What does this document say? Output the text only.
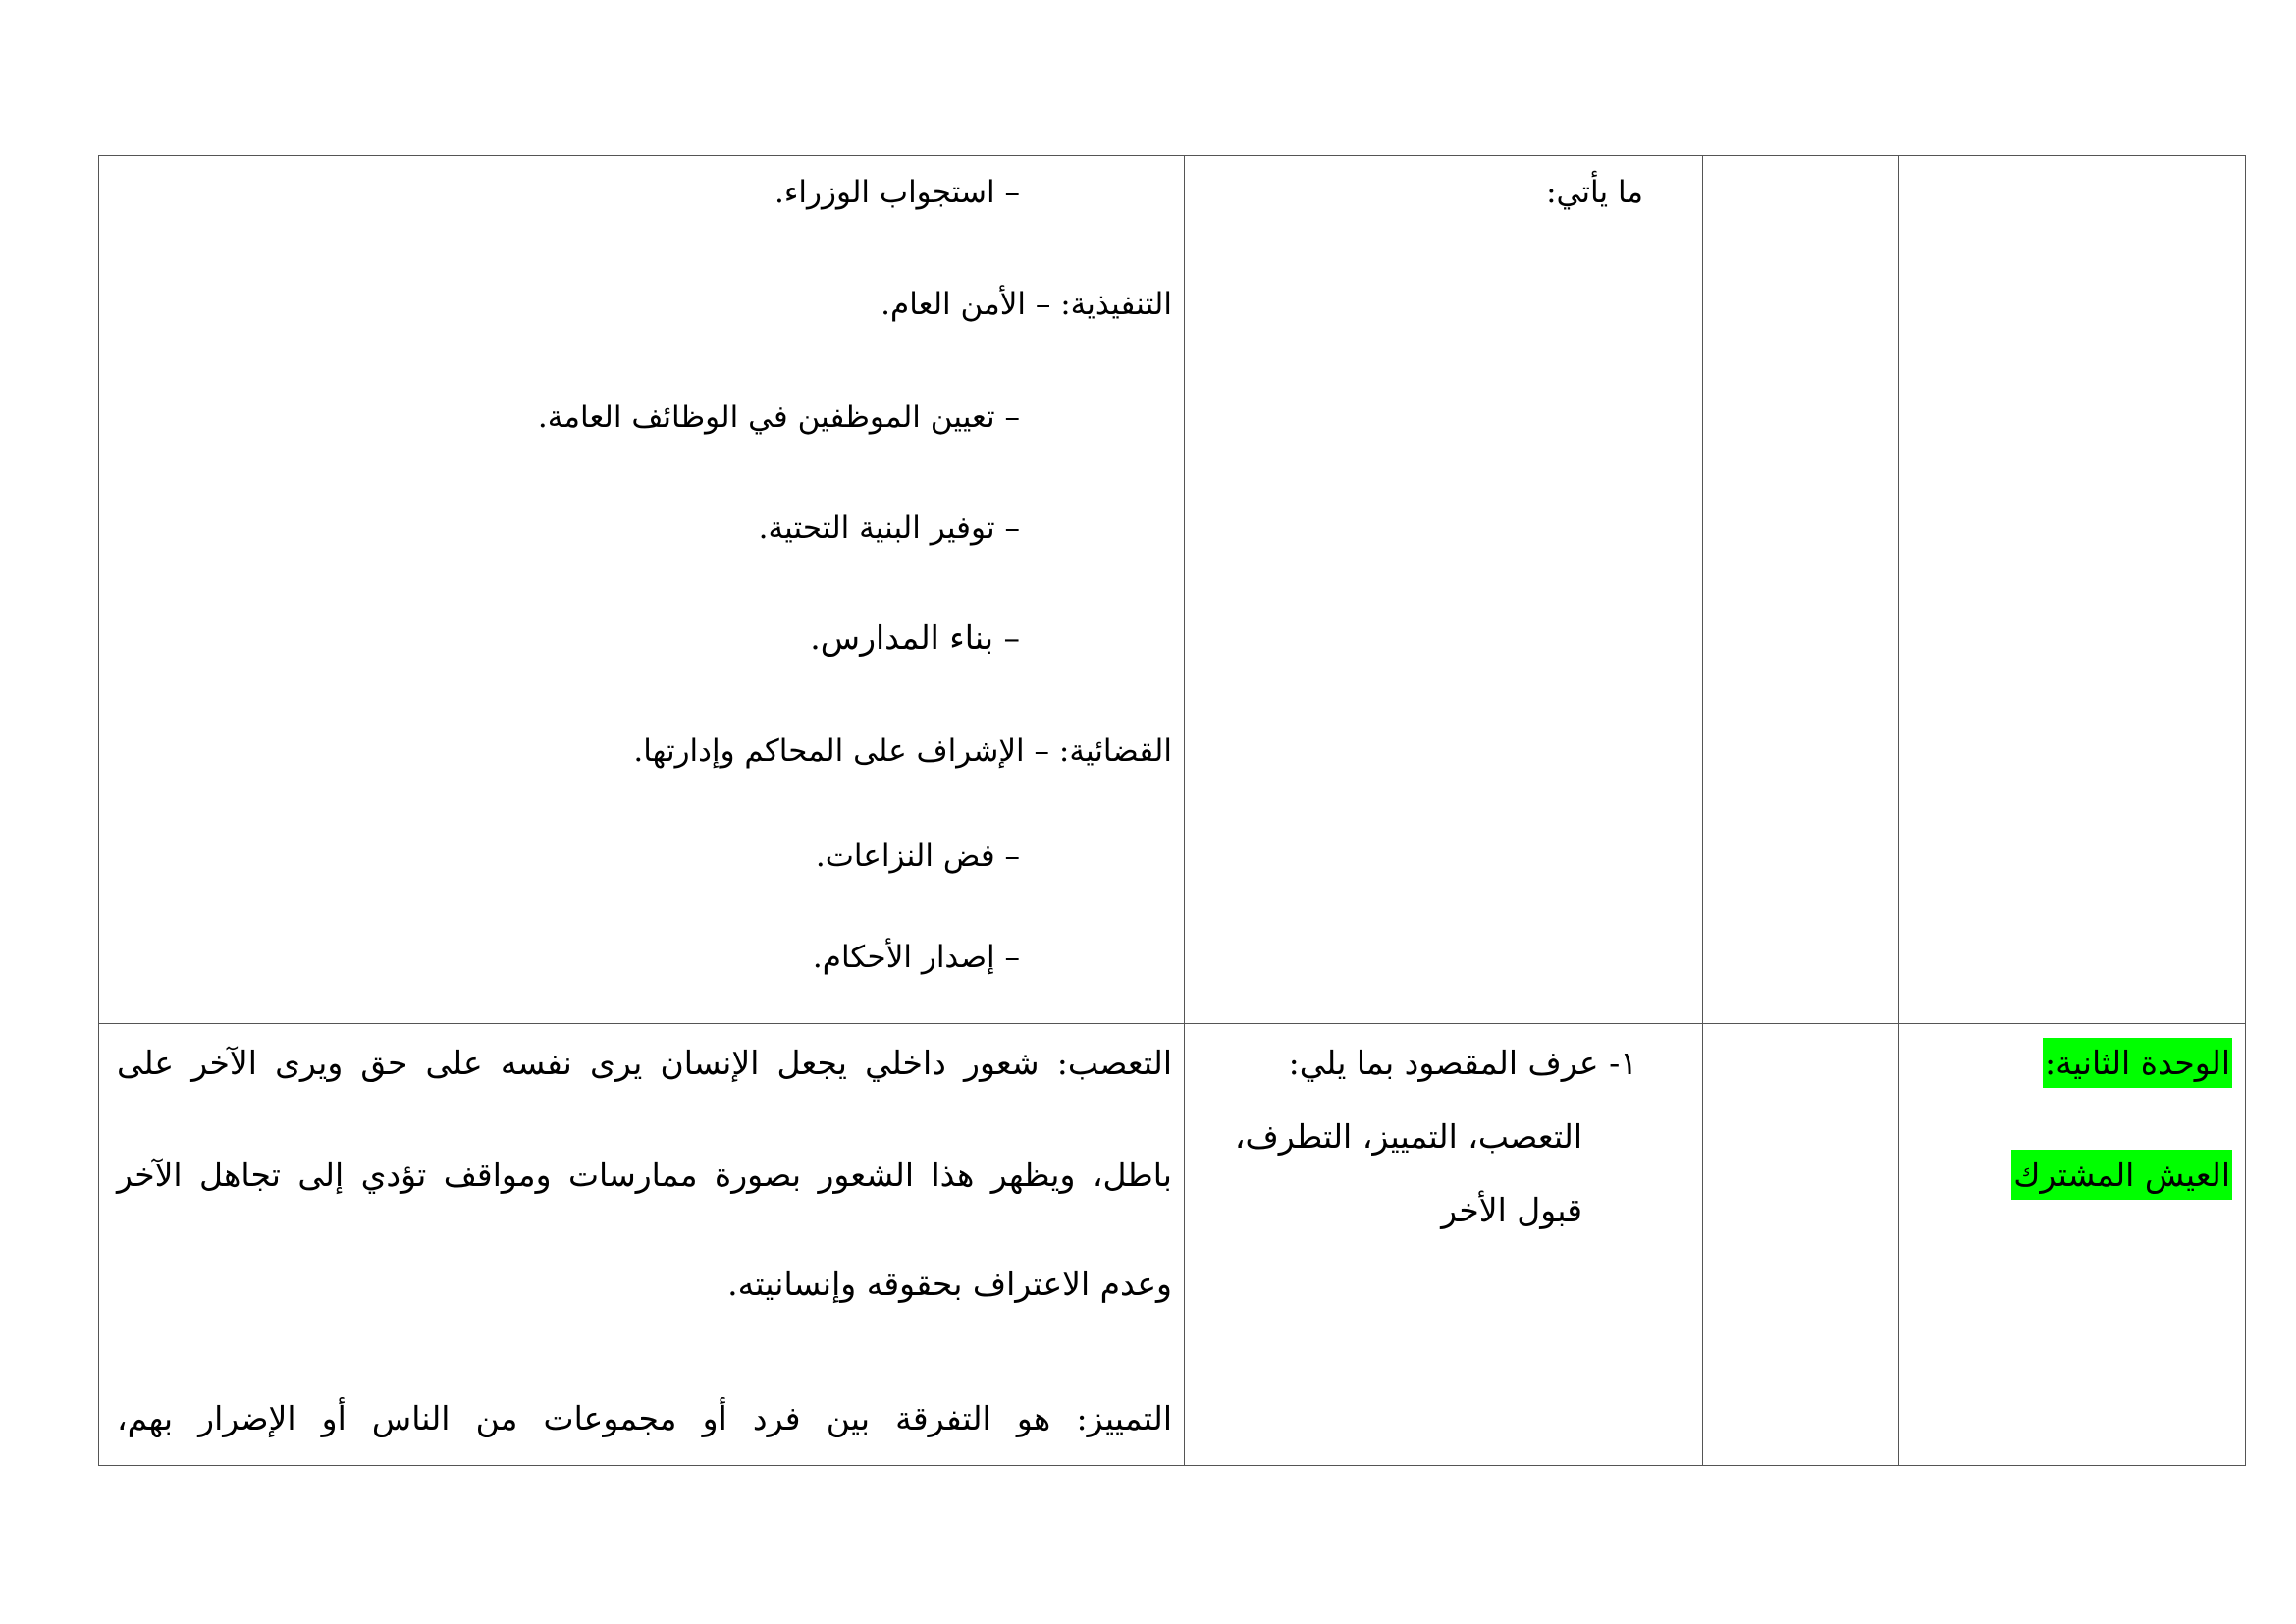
– استجواب الوزراء.
التنفيذية: – الأمن العام.
– تعيين الموظفين في الوظائف العامة.
– توفير البنية التحتية.
– بناء المدارس.
القضائية: – الإشراف على المحاكم وإدارتها.
– فض النزاعات.
– إصدار الأحكام.
ما يأتي:
الوحدة الثانية:
العيش المشترك
١- عرف المقصود بما يلي:
التعصب، التمييز، التطرف،
قبول الأخر
التعصب: شعور داخلي يجعل الإنسان يرى نفسه على حق ويرى الآخر على
باطل، ويظهر هذا الشعور بصورة ممارسات ومواقف تؤدي إلى تجاهل الآخر
وعدم الاعتراف بحقوقه وإنسانيته.
التمييز: هو التفرقة بين فرد أو مجموعات من الناس أو الإضرار بهم،
